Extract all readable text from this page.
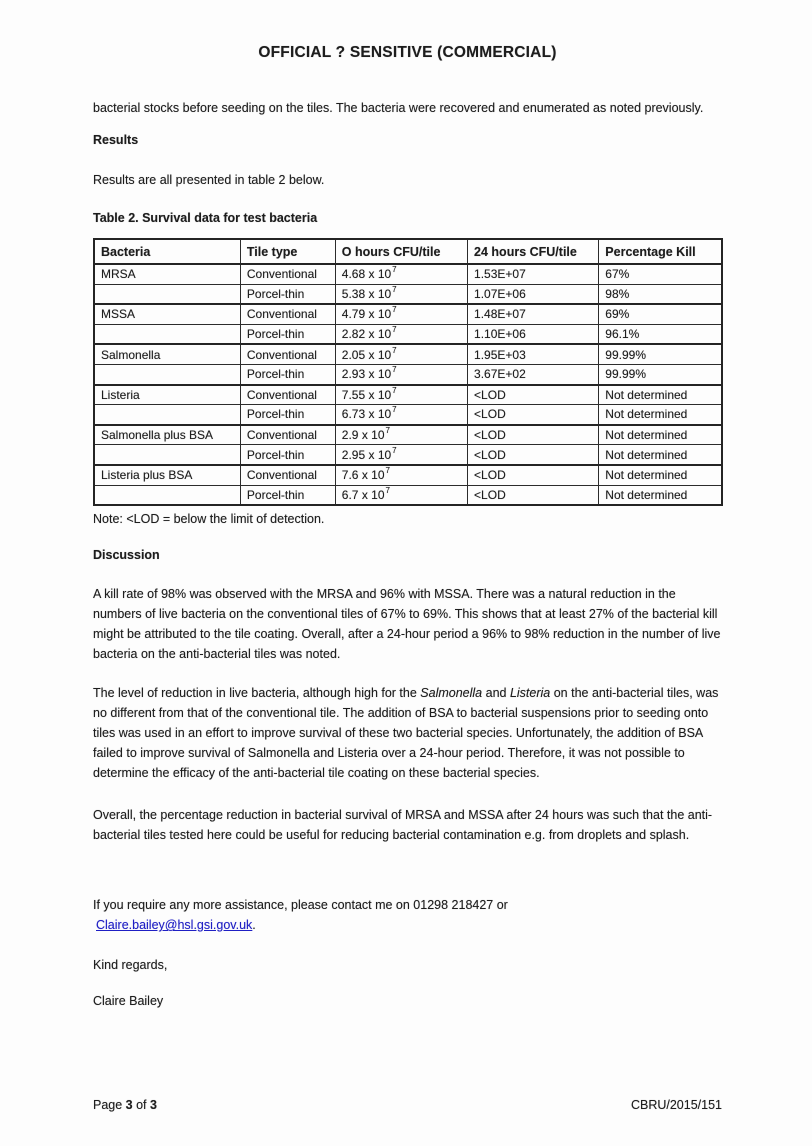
OFFICIAL ? SENSITIVE (COMMERCIAL)

bacterial stocks before seeding on the tiles. The bacteria were recovered and enumerated as noted previously.

Results

Results are all presented in table 2 below.

Table 2. Survival data for test bacteria
Bacteria	Tile type	O hours CFU/tile	24 hours CFU/tile	Percentage Kill
MRSA	Conventional	4.68 x $10^7$	1.53E+07	67%
	Porcel-thin	5.38 x $10^7$	1.07E+06	98%
MSSA	Conventional	4.79 x $10^7$	1.48E+07	69%
	Porcel-thin	2.82 x $10^7$	1.10E+06	96.1%
Salmonella	Conventional	2.05 x $10^7$	1.95E+03	99.99%
	Porcel-thin	2.93 x $10^7$	3.67E+02	99.99%
Listeria	Conventional	7.55 x $10^7$	<LOD	Not determined
	Porcel-thin	6.73 x $10^7$	<LOD	Not determined
Salmonella plus BSA	Conventional	2.9 x $10^7$	<LOD	Not determined
	Porcel-thin	2.95 x $10^7$	<LOD	Not determined
Listeria plus BSA	Conventional	7.6 x $10^7$	<LOD	Not determined
	Porcel-thin	6.7 x $10^7$	<LOD	Not determined

Note: <LOD = below the limit of detection.

Discussion

A kill rate of 98% was observed with the MRSA and 96% with MSSA. There was a natural reduction in the numbers of live bacteria on the conventional tiles of 67% to 69%. This shows that at least 27% of the bacterial kill might be attributed to the tile coating. Overall, after a 24-hour period a 96% to 98% reduction in the number of live bacteria on the anti-bacterial tiles was noted.

The level of reduction in live bacteria, although high for the Salmonella and Listeria on the anti-bacterial tiles, was no different from that of the conventional tile. The addition of BSA to bacterial suspensions prior to seeding onto tiles was used in an effort to improve survival of these two bacterial species. Unfortunately, the addition of BSA failed to improve survival of Salmonella and Listeria over a 24-hour period. Therefore, it was not possible to determine the efficacy of the anti-bacterial tile coating on these bacterial species.

Overall, the percentage reduction in bacterial survival of MRSA and MSSA after 24 hours was such that the anti-bacterial tiles tested here could be useful for reducing bacterial contamination e.g. from droplets and splash.

If you require any more assistance, please contact me on 01298 218427 or

Claire.bailey@hsl.gsi.gov.uk.

Kind regards,

Claire Bailey

Page 3 of 3	CBRU/2015/151
